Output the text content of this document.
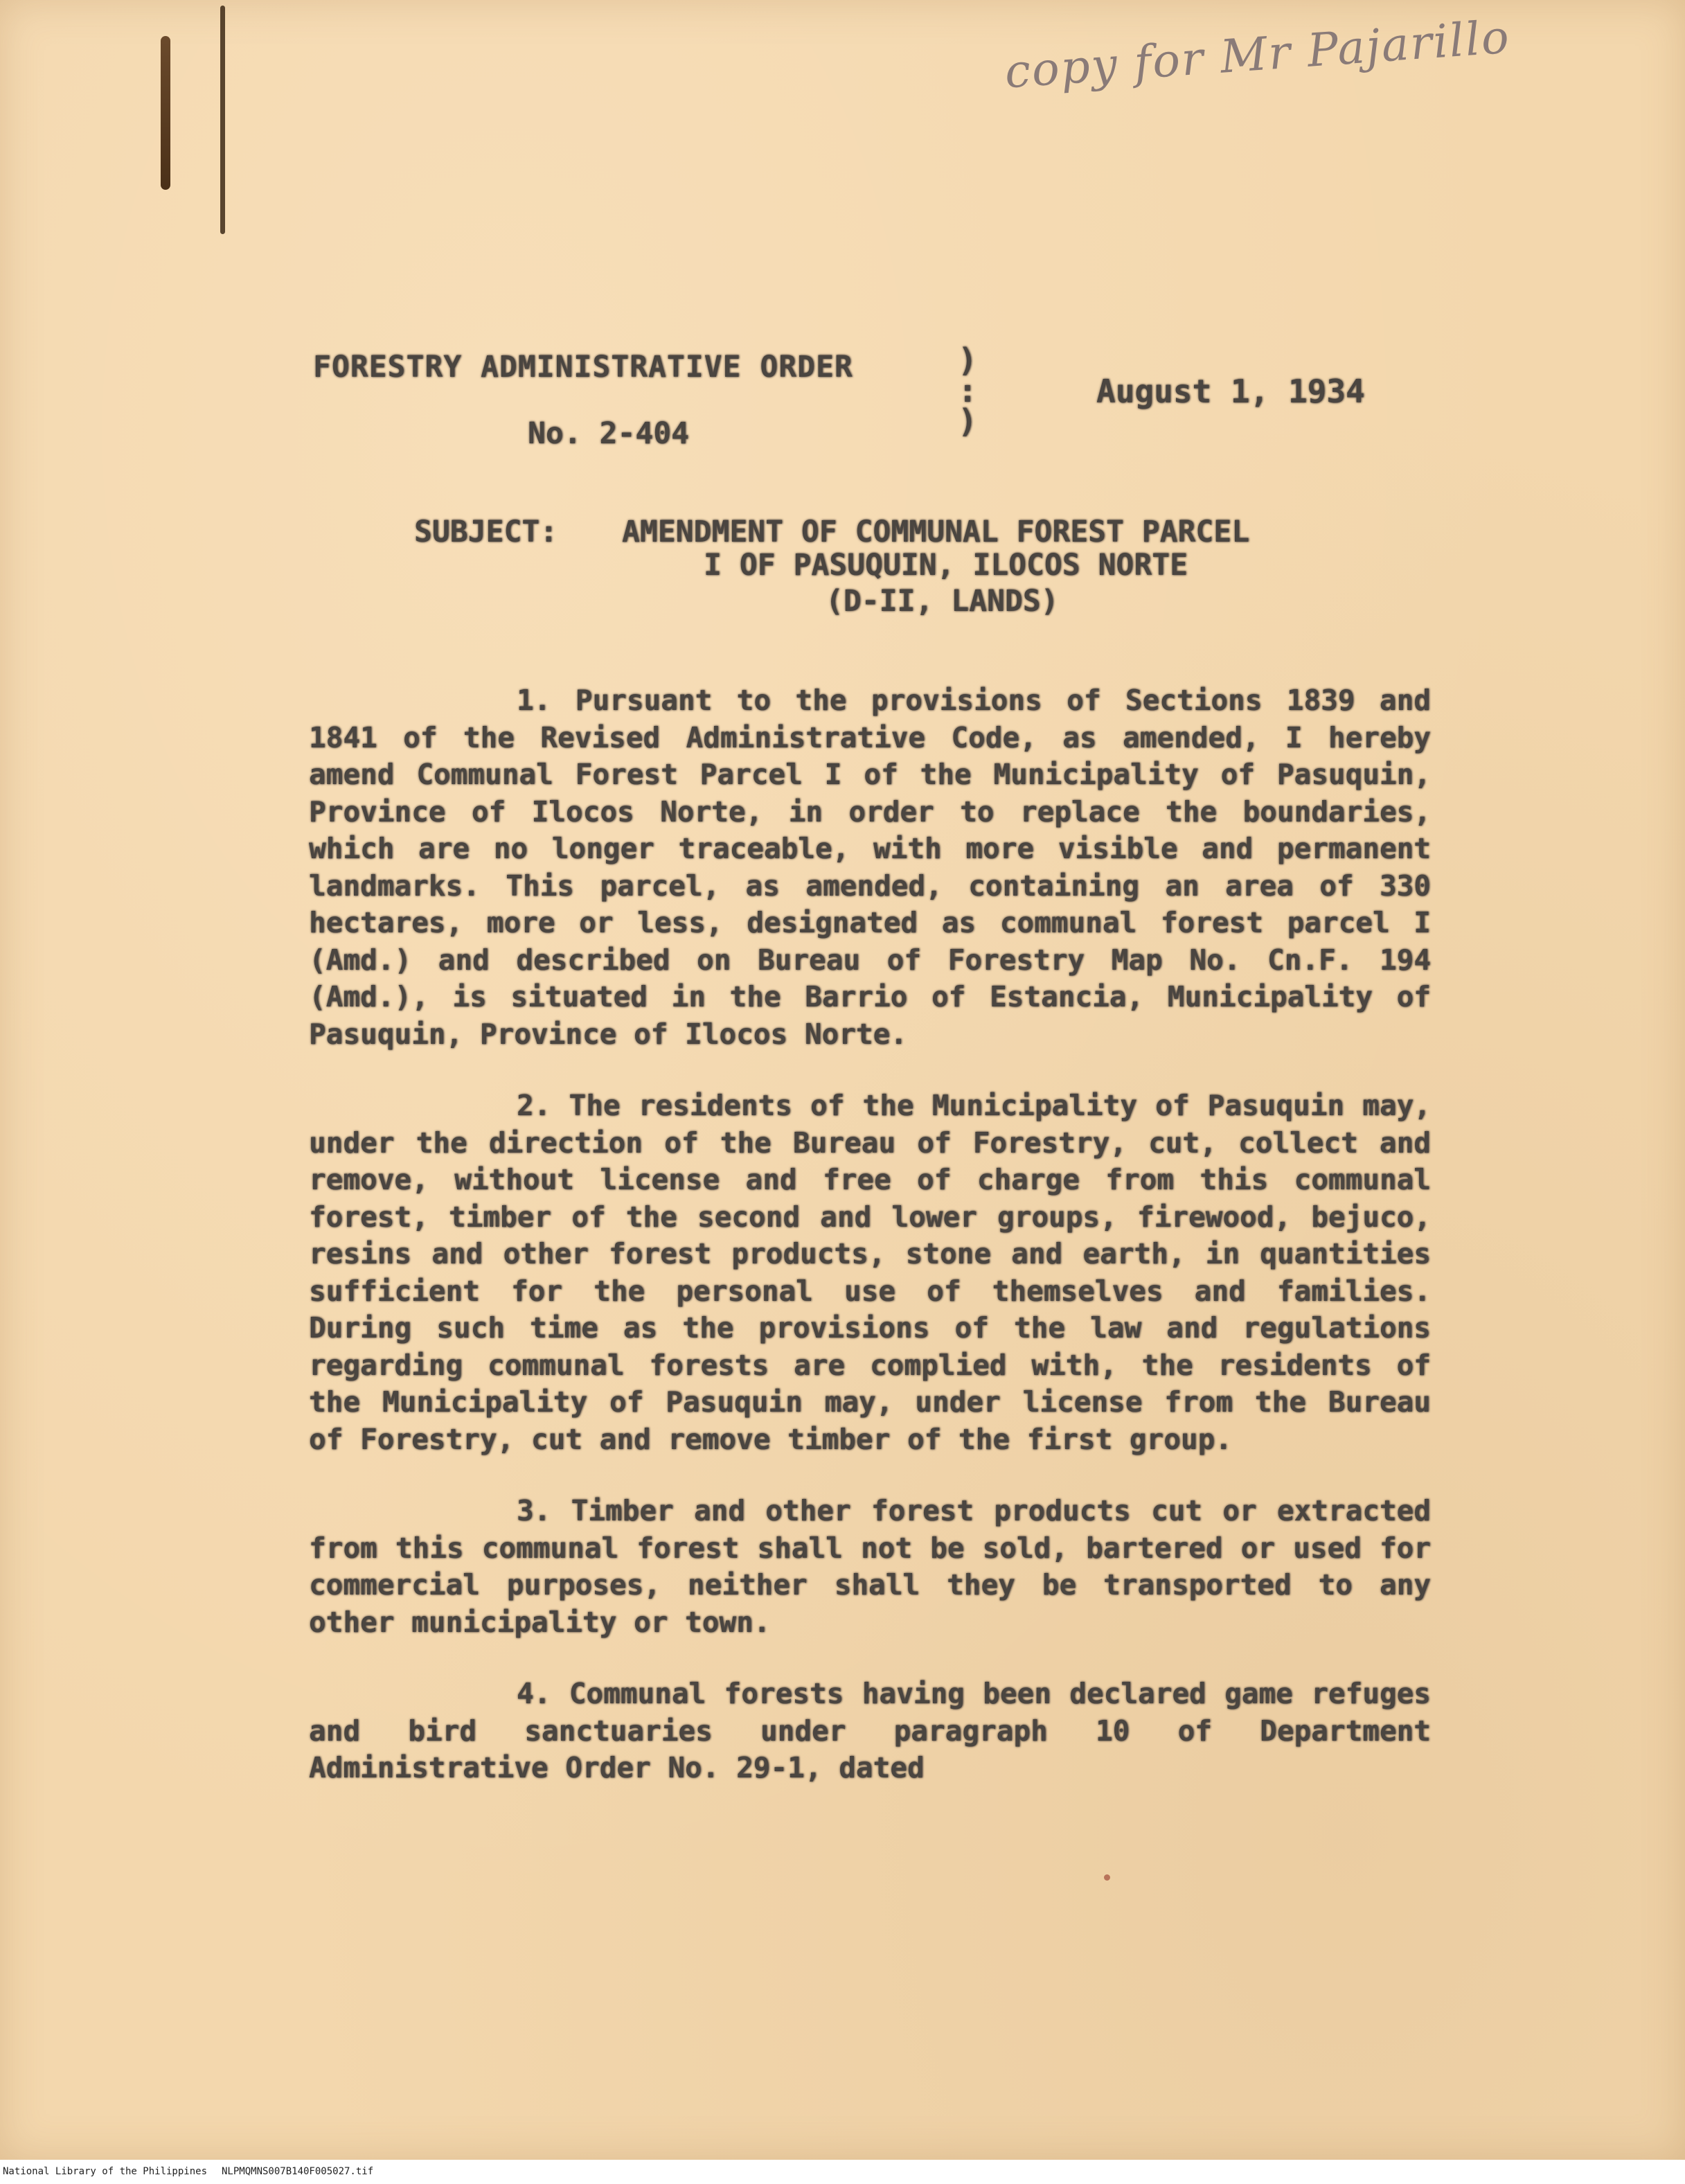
copy for Mr Pajarillo
FORESTRY ADMINISTRATIVE ORDER
No. 2-404
)
:
)
August 1, 1934
SUBJECT: AMENDMENT OF COMMUNAL FOREST PARCEL
I OF PASUQUIN, ILOCOS NORTE
(D-II, LANDS)

1. Pursuant to the provisions of Sections 1839 and 1841 of the Revised Administrative Code, as amended, I hereby amend Communal Forest Parcel I of the Municipality of Pasuquin, Province of Ilocos Norte, in order to replace the boundaries, which are no longer traceable, with more visible and permanent landmarks. This parcel, as amended, containing an area of 330 hectares, more or less, designated as communal forest parcel I (Amd.) and described on Bureau of Forestry Map No. Cn.F. 194 (Amd.), is situated in the Barrio of Estancia, Municipality of Pasuquin, Province of Ilocos Norte.

2. The residents of the Municipality of Pasuquin may, under the direction of the Bureau of Forestry, cut, collect and remove, without license and free of charge from this communal forest, timber of the second and lower groups, firewood, bejuco, resins and other forest products, stone and earth, in quantities sufficient for the personal use of themselves and families. During such time as the provisions of the law and regulations regarding communal forests are complied with, the residents of the Municipality of Pasuquin may, under license from the Bureau of Forestry, cut and remove timber of the first group.

3. Timber and other forest products cut or extracted from this communal forest shall not be sold, bartered or used for commercial purposes, neither shall they be transported to any other municipality or town.

4. Communal forests having been declared game refuges and bird sanctuaries under paragraph 10 of Department Administrative Order No. 29-1, dated

National Library of the Philippines NLPMQMNS007B140F005027.tif
